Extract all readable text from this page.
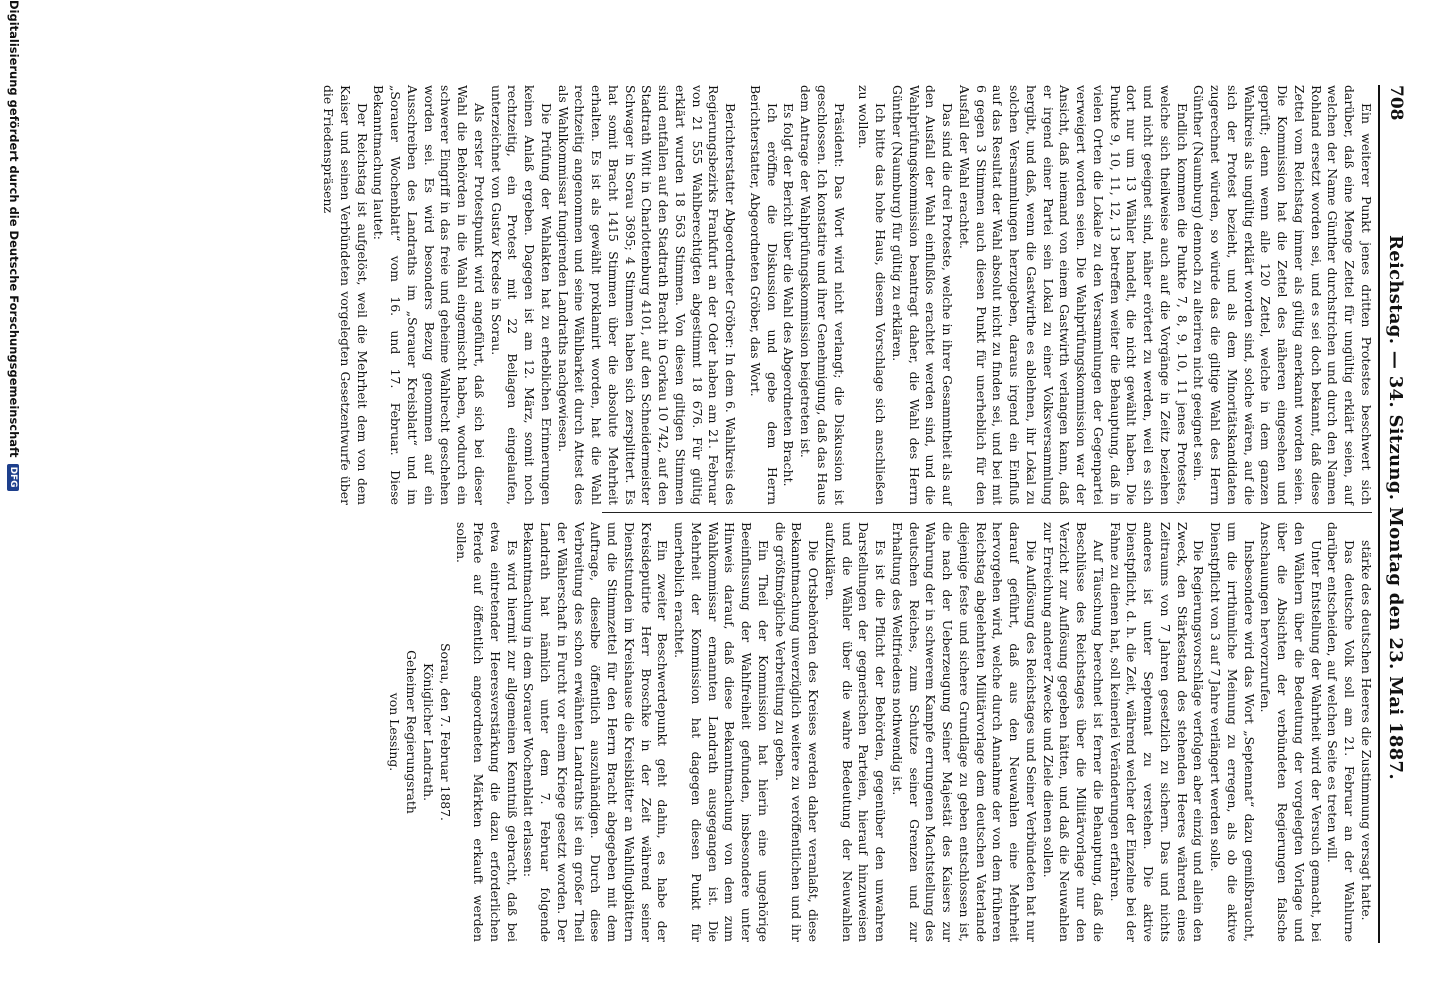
708
Reichstag. — 34. Sitzung. Montag den 23. Mai 1887.

Ein weiterer Punkt jenes dritten Protestes beschwert sich darüber, daß eine Menge Zettel für ungültig erklärt seien, auf welchen der Name Günther durchstrichen und durch den Namen Rohland ersetzt worden sei, und es sei doch bekannt, daß diese Zettel vom Reichstag immer als gültig anerkannt worden seien. Die Kommission hat die Zettel des näheren eingesehen und geprüft; denn wenn alle 120 Zettel, welche in dem ganzen Wahlkreis als ungültig erklärt worden sind, solche wären, auf die sich der Protest bezieht, und als dem Minoritätskandidaten zugerechnet würden, so würde das die giltige Wahl des Herrn Günther (Naumburg) dennoch zu alteriren nicht geeignet sein.

Endlich kommen die Punkte 7, 8, 9, 10, 11 jenes Protestes, welche sich theilweise auch auf die Vorgänge in Zeitz beziehen und nicht geeignet sind, näher erörtert zu werden, weil es sich dort nur um 13 Wähler handelt, die nicht gewählt haben. Die Punkte 9, 10, 11, 12, 13 betreffen weiter die Behauptung, daß in vielen Orten die Lokale zu den Versammlungen der Gegenpartei verweigert worden seien. Die Wahlprüfungskommission war der Ansicht, daß niemand von einem Gastwirth verlangen kann, daß er irgend einer Partei sein Lokal zu einer Volksversammlung hergibt, und daß, wenn die Gastwirthe es ablehnen, ihr Lokal zu solchen Versammlungen herzugeben, daraus irgend ein Einfluß auf das Resultat der Wahl absolut nicht zu finden sei, und bei mit 6 gegen 3 Stimmen auch diesen Punkt für unerheblich für den Ausfall der Wahl erachtet.

Das sind die drei Proteste, welche in ihrer Gesammtheit als auf den Ausfall der Wahl einflußlos erachtet werden sind, und die Wahlprüfungskommission beantragt daher, die Wahl des Herrn Günther (Naumburg) für gültig zu erklären.

Ich bitte das hohe Haus, diesem Vorschlage sich anschließen zu wollen.

Präsident: Das Wort wird nicht verlangt; die Diskussion ist geschlossen. Ich konstatire und ihrer Genehmigung, daß das Haus dem Antrage der Wahlprüfungskommission beigetreten ist.

Es folgt der Bericht über die Wahl des Abgeordneten Bracht.

Ich eröffne die Diskussion und gebe dem Herrn Berichterstatter, Abgeordneten Gröber, das Wort.

Berichterstatter Abgeordneter Gröber: In dem 6. Wahlkreis des Regierungsbezirks Frankfurt an der Oder haben am 21. Februar von 21 555 Wahlberechtigten abgestimmt 18 676. Für gültig erklärt wurden 18 563 Stimmen. Von diesen giltigen Stimmen sind entfallen auf den Stadtrath Bracht in Gorkau 10 742, auf den Stadtrath Witt in Charlottenburg 4101, auf den Schneidermeister Schwager in Sorau 3695; 4 Stimmen haben sich zersplittert. Es hat somit Bracht 1415 Stimmen über die absolute Mehrheit erhalten. Es ist als gewählt proklamirt worden, hat die Wahl rechtzeitig angenommen und seine Wählbarkeit durch Attest des als Wahlkommissar fungirenden Landraths nachgewiesen.

Die Prüfung der Wahlakten hat zu erheblichen Erinnerungen keinen Anlaß ergeben. Dagegen ist am 12. März, somit noch rechtzeitig, ein Protest mit 22 Beilagen eingelaufen, unterzeichnet von Gustav Kredse in Sorau.

Als erster Protestpunkt wird angeführt, daß sich bei dieser Wahl die Behörden in die Wahl eingemischt haben, wodurch ein schwerer Eingriff in das freie und geheime Wahlrecht geschehen worden sei. Es wird besonders Bezug genommen auf ein Ausschreiben des Landraths im „Sorauer Kreisblatt“ und im „Sorauer Wochenblatt“ vom 16. und 17. Februar. Diese Bekanntmachung lautet:

Der Reichstag ist aufgelöst, weil die Mehrheit dem von dem Kaiser und seinen Verbündeten vorgelegten Gesetzentwurfe über die Friedenspräsenz

stärke des deutschen Heeres die Zustimmung versagt hatte.

Das deutsche Volk soll am 21. Februar an der Wahlurne darüber entscheiden, auf welchen Seite es treten will.

Unter Entstellung der Wahrheit wird der Versuch gemacht, bei den Wählern über die Bedeutung der vorgelegten Vorlage und über die Absichten der verbündeten Regierungen falsche Anschauungen hervorzurufen.

Insbesondere wird das Wort „Septennat“ dazu gemißbraucht, um die irrthümliche Meinung zu erregen, als ob die aktive Dienstpflicht von 3 auf 7 Jahre verlängert werden solle.

Die Regierungsvorschläge verfolgen aber einzig und allein den Zweck, den Stärkestand des stehenden Heeres während eines Zeitraums von 7 Jahren gesetzlich zu sichern. Das und nichts anderes ist unter Septennat zu verstehen. Die aktive Dienstpflicht, d. h. die Zeit, während welcher der Einzelne bei der Fahne zu dienen hat, soll keinerlei Veränderungen erfahren.

Auf Täuschung berechnet ist ferner die Behauptung, daß die Beschlüsse des Reichstages über die Militärvorlage nur den Verzicht zur Auflösung gegeben hätten, und daß die Neuwahlen zur Erreichung anderer Zwecke und Ziele dienen sollen.

Die Auflösung des Reichstages und Seiner Verbündeten hat nur darauf geführt, daß aus den Neuwahlen eine Mehrheit hervorgehen wird, welche durch Annahme der von dem früheren Reichstag abgelehnten Militärvorlage dem deutschen Vaterlande diejenige feste und sichere Grundlage zu geben entschlossen ist, die nach der Ueberzeugung Seiner Majestät des Kaisers zur Wahrung der in schwerem Kampfe errungenen Machtstellung des deutschen Reiches, zum Schutze seiner Grenzen und zur Erhaltung des Weltfriedens nothwendig ist.

Es ist die Pflicht der Behörden, gegenüber den unwahren Darstellungen der gegnerischen Parteien, hierauf hinzuweisen und die Wähler über die wahre Bedeutung der Neuwahlen aufzuklären.

Die Ortsbehörden des Kreises werden daher veranlaßt, diese Bekanntmachung unverzüglich weitere zu veröffentlichen und ihr die größtmögliche Verbreitung zu geben.

Ein Theil der Kommission hat hierin eine ungehörige Beeinflussung der Wahlfreiheit gefunden, insbesondere unter Hinweis darauf, daß diese Bekanntmachung von dem zum Wahlkommissar ernannten Landrath ausgegangen ist. Die Mehrheit der Kommission hat dagegen diesen Punkt für unerheblich erachtet.

Ein zweiter Beschwerdepunkt geht dahin, es habe der Kreisdeputirte Herr Broschke in der Zeit während seiner Dienststunden im Kreishause die Kreisblätter an Wahlflugblättern und die Stimmzettel für den Herrn Bracht abgegeben mit dem Auftrage, dieselbe öffentlich auszuhändigen. Durch diese Verbreitung des schon erwähnten Landraths ist ein großer Theil der Wählerschaft in Furcht vor einem Kriege gesetzt worden. Der Landrath hat nämlich unter dem 7. Februar folgende Bekanntmachung in dem Sorauer Wochenblatt erlassen:

Es wird hiermit zur allgemeinen Kenntniß gebracht, daß bei etwa eintretender Heeresverstärkung die dazu erforderlichen Pferde auf öffentlich angeordneten Märkten erkauft werden sollen.

Sorau, den 7. Februar 1887.

Königlicher Landrath.

Geheimer Regierungsrath

von Lessing.

Digitalisierung gefördert durch die Deutsche ForschungsgemeinschaftDFG
